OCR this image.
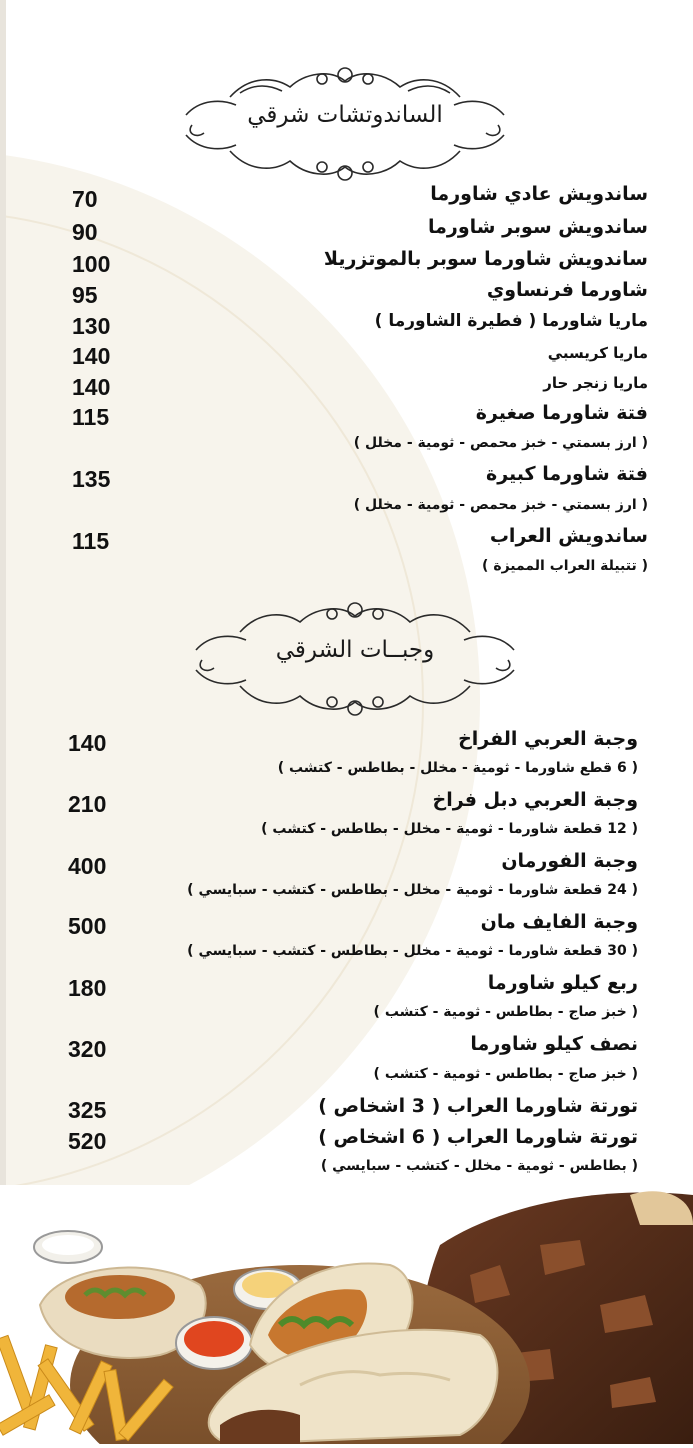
الساندوتشات شرقي
ساندويش عادي شاورما
70
ساندويش سوبر شاورما
90
ساندويش شاورما سوبر بالموتزريلا
100
شاورما فرنساوي
95
ماريا شاورما ( فطيرة الشاورما )
130
ماريا كريسبي
140
ماريا زنجر حار
140
فتة شاورما صغيرة
115
( ارز بسمتي - خبز محمص - ثومية - مخلل )
فتة شاورما كبيرة
135
( ارز بسمتي - خبز محمص - ثومية - مخلل )
ساندويش العراب
115
( تتبيلة العراب المميزة )
وجبــات الشرقي
وجبة العربي الفراخ
140
( 6 قطع شاورما - ثومية - مخلل - بطاطس - كتشب )
وجبة العربي دبل فراخ
210
( 12 قطعة شاورما - ثومية - مخلل - بطاطس - كتشب )
وجبة الفورمان
400
( 24 قطعة شاورما - ثومية - مخلل - بطاطس - كتشب - سبايسي )
وجبة الفايف مان
500
( 30 قطعة شاورما - ثومية - مخلل - بطاطس - كتشب - سبايسي )
ربع كيلو شاورما
180
( خبز صاج - بطاطس - ثومية - كتشب )
نصف كيلو شاورما
320
( خبز صاج - بطاطس - ثومية - كتشب )
تورتة شاورما العراب ( 3 اشخاص )
325
تورتة شاورما العراب ( 6 اشخاص )
520
( بطاطس - ثومية - مخلل - كتشب - سبايسي )
